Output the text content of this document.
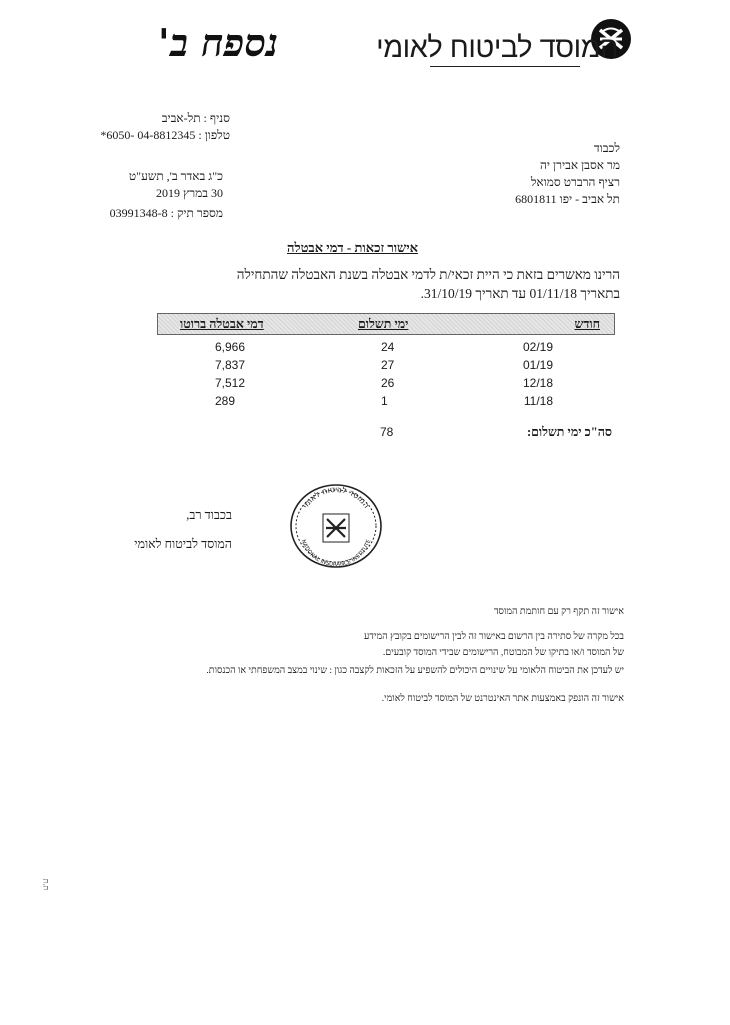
נספח ב'	המוסד לביטוח לאומי
סניף : תל-אביב
טלפון : 04-8812345 -6050*
כ"ג באדר ב', תשע"ט
30 במרץ 2019
מספר תיק : 03991348-8
לכבוד
מר אסבן אבירן יה
רציף הרברט סמואל
תל אביב - יפו 6801811
אישור זכאות - דמי אבטלה
הרינו מאשרים בזאת כי היית זכאי/ת לדמי אבטלה בשנת האבטלה שהתחילה
בתאריך 01/11/18 עד תאריך 31/10/19.
חודש
ימי תשלום
דמי אבטלה ברוטו
02/19
24
6,966
01/19
27
7,837
12/18
26
7,512
11/18
1
289
סה"כ ימי תשלום:
78
המוסד לביטוח לאומי
NATIONAL INSURANCE INSTITUTE
בכבוד רב,
המוסד לביטוח לאומי
אישור זה תקף רק עם חותמת המוסד
בכל מקרה של סתירה בין הרשום באישור זה לבין הרישומים בקובץ המידע
של המוסד ו/או בתיקו של המבוטח, הרישומים שבידי המוסד קובעים.
יש לעדכן את הביטוח הלאומי על שינויים היכולים להשפיע על הזכאות לקצבה כגון : שינוי במצב המשפחתי או הכנסות.
אישור זה הונפק באמצעות אתר האינטרנט של המוסד לביטוח לאומי.
ת.ת
